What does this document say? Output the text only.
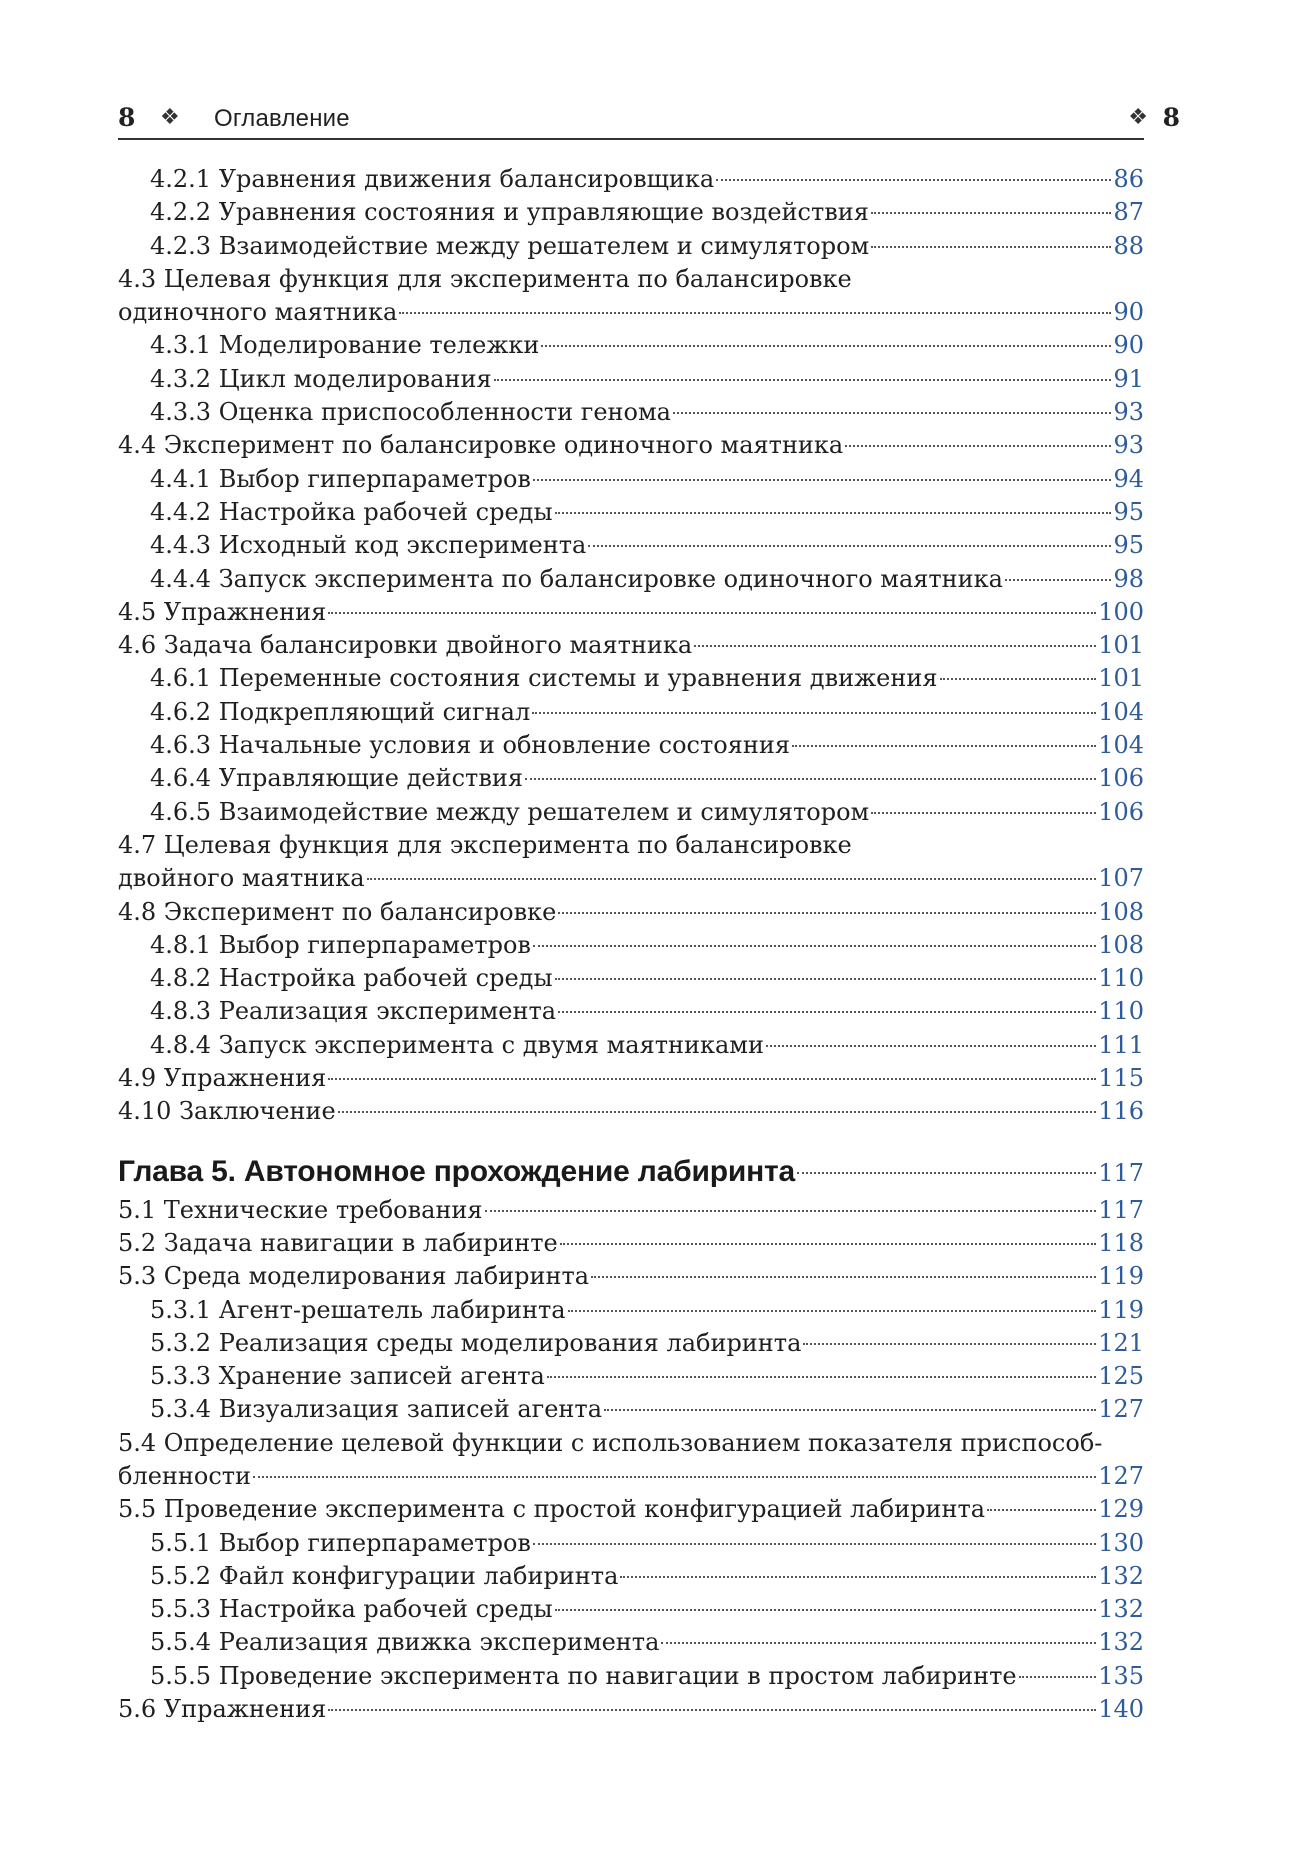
8 ❖ Оглавление	❖ 8
4.2.1 Уравнения движения балансировщика	86
4.2.2 Уравнения состояния и управляющие воздействия	87
4.2.3 Взаимодействие между решателем и симулятором	88
4.3 Целевая функция для эксперимента по балансировке
одиночного маятника	90
4.3.1 Моделирование тележки	90
4.3.2 Цикл моделирования	91
4.3.3 Оценка приспособленности генома	93
4.4 Эксперимент по балансировке одиночного маятника	93
4.4.1 Выбор гиперпараметров	94
4.4.2 Настройка рабочей среды	95
4.4.3 Исходный код эксперимента	95
4.4.4 Запуск эксперимента по балансировке одиночного маятника	98
4.5 Упражнения	100
4.6 Задача балансировки двойного маятника	101
4.6.1 Переменные состояния системы и уравнения движения	101
4.6.2 Подкрепляющий сигнал	104
4.6.3 Начальные условия и обновление состояния	104
4.6.4 Управляющие действия	106
4.6.5 Взаимодействие между решателем и симулятором	106
4.7 Целевая функция для эксперимента по балансировке
двойного маятника	107
4.8 Эксперимент по балансировке	108
4.8.1 Выбор гиперпараметров	108
4.8.2 Настройка рабочей среды	110
4.8.3 Реализация эксперимента	110
4.8.4 Запуск эксперимента с двумя маятниками	111
4.9 Упражнения	115
4.10 Заключение	116
Глава 5. Автономное прохождение лабиринта	117
5.1 Технические требования	117
5.2 Задача навигации в лабиринте	118
5.3 Среда моделирования лабиринта	119
5.3.1 Агент-решатель лабиринта	119
5.3.2 Реализация среды моделирования лабиринта	121
5.3.3 Хранение записей агента	125
5.3.4 Визуализация записей агента	127
5.4 Определение целевой функции с использованием показателя приспособ-
бленности	127
5.5 Проведение эксперимента с простой конфигурацией лабиринта	129
5.5.1 Выбор гиперпараметров	130
5.5.2 Файл конфигурации лабиринта	132
5.5.3 Настройка рабочей среды	132
5.5.4 Реализация движка эксперимента	132
5.5.5 Проведение эксперимента по навигации в простом лабиринте	135
5.6 Упражнения	140
